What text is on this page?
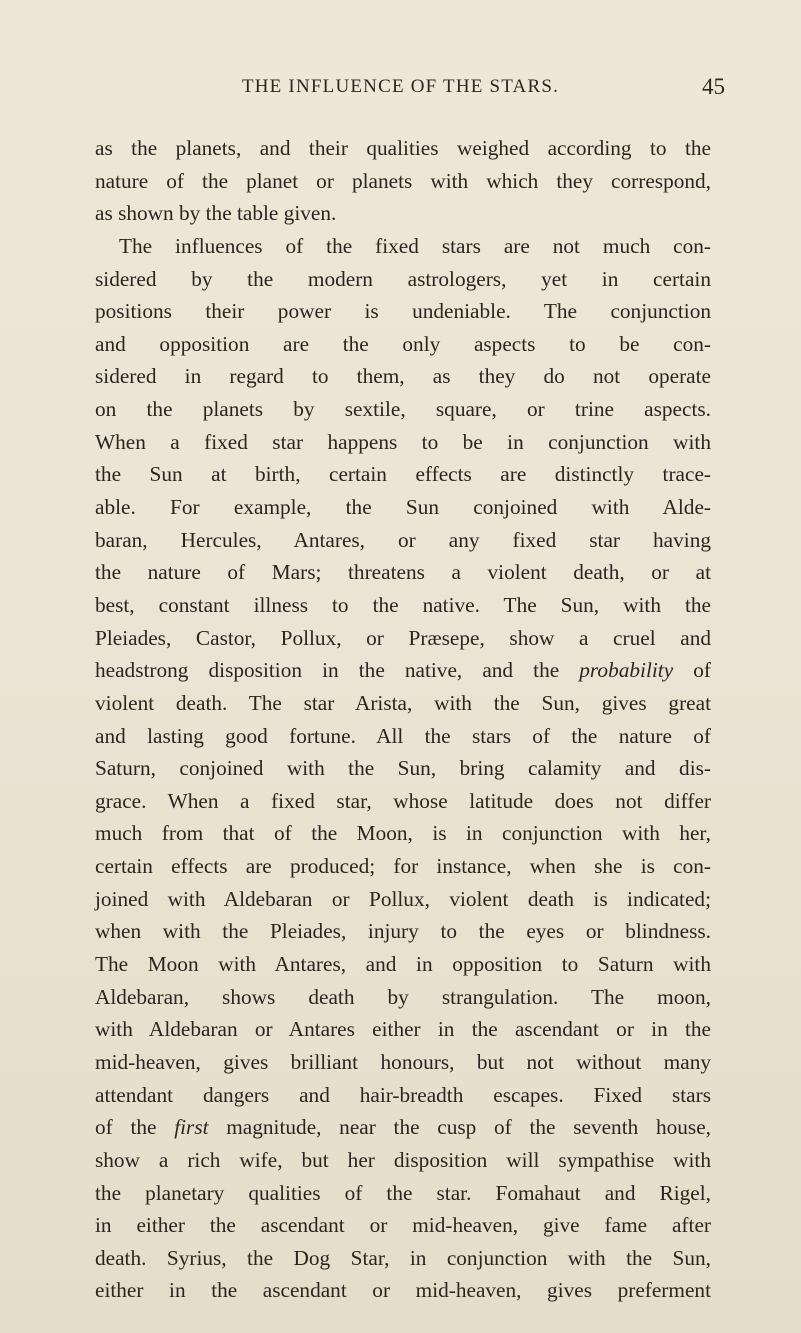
THE INFLUENCE OF THE STARS.	45
as the planets, and their qualities weighed according to the
nature of the planet or planets with which they correspond,
as shown by the table given.
The influences of the fixed stars are not much con-
sidered by the modern astrologers, yet in certain
positions their power is undeniable. The conjunction
and opposition are the only aspects to be con-
sidered in regard to them, as they do not operate
on the planets by sextile, square, or trine aspects.
When a fixed star happens to be in conjunction with
the Sun at birth, certain effects are distinctly trace-
able. For example, the Sun conjoined with Alde-
baran, Hercules, Antares, or any fixed star having
the nature of Mars; threatens a violent death, or at
best, constant illness to the native. The Sun, with the
Pleiades, Castor, Pollux, or Præsepe, show a cruel and
headstrong disposition in the native, and the probability of
violent death. The star Arista, with the Sun, gives great
and lasting good fortune. All the stars of the nature of
Saturn, conjoined with the Sun, bring calamity and dis-
grace. When a fixed star, whose latitude does not differ
much from that of the Moon, is in conjunction with her,
certain effects are produced; for instance, when she is con-
joined with Aldebaran or Pollux, violent death is indicated;
when with the Pleiades, injury to the eyes or blindness.
The Moon with Antares, and in opposition to Saturn with
Aldebaran, shows death by strangulation. The moon,
with Aldebaran or Antares either in the ascendant or in the
mid-heaven, gives brilliant honours, but not without many
attendant dangers and hair-breadth escapes. Fixed stars
of the first magnitude, near the cusp of the seventh house,
show a rich wife, but her disposition will sympathise with
the planetary qualities of the star. Fomahaut and Rigel,
in either the ascendant or mid-heaven, give fame after
death. Syrius, the Dog Star, in conjunction with the Sun,
either in the ascendant or mid-heaven, gives preferment
